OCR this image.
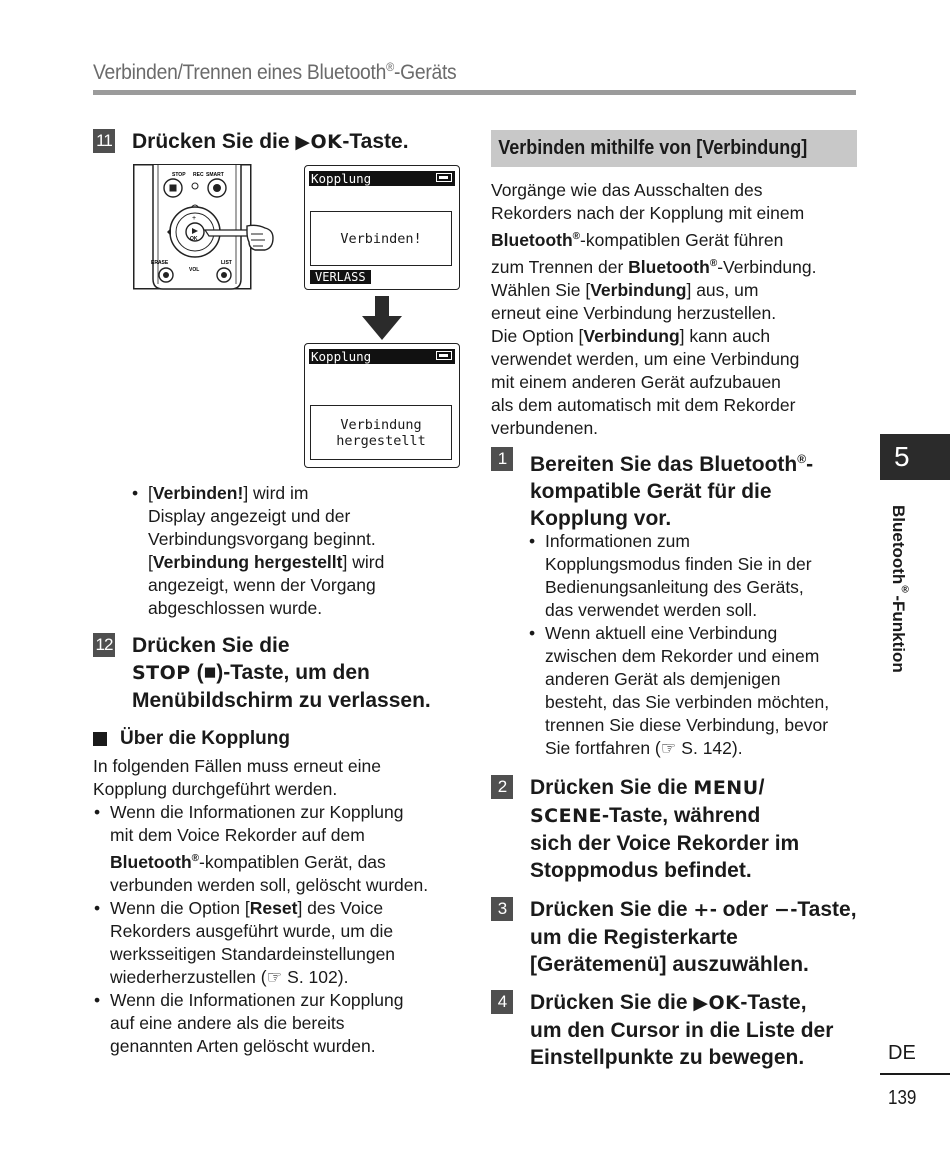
Verbinden/Trennen eines Bluetooth®-Geräts
11 Drücken Sie die ▶OK-Taste.
STOP REC SMART
+
OK
ERASE	LIST
VOL
Kopplung
Verbinden!
VERLASS
Kopplung
Verbindung
hergestellt
• [Verbinden!] wird im
Display angezeigt und der
Verbindungsvorgang beginnt.
[Verbindung hergestellt] wird
angezeigt, wenn der Vorgang
abgeschlossen wurde.
12 Drücken Sie die
STOP (■)-Taste, um den
Menübildschirm zu verlassen.
Über die Kopplung
In folgenden Fällen muss erneut eine
Kopplung durchgeführt werden.
• Wenn die Informationen zur Kopplung
mit dem Voice Rekorder auf dem
Bluetooth®-kompatiblen Gerät, das
verbunden werden soll, gelöscht wurden.
• Wenn die Option [Reset] des Voice
Rekorders ausgeführt wurde, um die
werksseitigen Standardeinstellungen
wiederherzustellen (☞ S. 102).
• Wenn die Informationen zur Kopplung
auf eine andere als die bereits
genannten Arten gelöscht wurden.
Verbinden mithilfe von [Verbindung]
Vorgänge wie das Ausschalten des
Rekorders nach der Kopplung mit einem
Bluetooth®-kompatiblen Gerät führen
zum Trennen der Bluetooth®-Verbindung.
Wählen Sie [Verbindung] aus, um
erneut eine Verbindung herzustellen.
Die Option [Verbindung] kann auch
verwendet werden, um eine Verbindung
mit einem anderen Gerät aufzubauen
als dem automatisch mit dem Rekorder
verbundenen.
1	Bereiten Sie das Bluetooth®-
kompatible Gerät für die
Kopplung vor.
• Informationen zum
Kopplungsmodus finden Sie in der
Bedienungsanleitung des Geräts,
das verwendet werden soll.
• Wenn aktuell eine Verbindung
zwischen dem Rekorder und einem
anderen Gerät als demjenigen
besteht, das Sie verbinden möchten,
trennen Sie diese Verbindung, bevor
Sie fortfahren (☞ S. 142).
2	Drücken Sie die MENU/
SCENE-Taste, während
sich der Voice Rekorder im
Stoppmodus befindet.
3	Drücken Sie die +- oder −-Taste,
um die Registerkarte
[Gerätemenü] auszuwählen.
4	Drücken Sie die ▶OK-Taste,
um den Cursor in die Liste der
Einstellpunkte zu bewegen.
5
Bluetooth®-Funktion
DE
139
